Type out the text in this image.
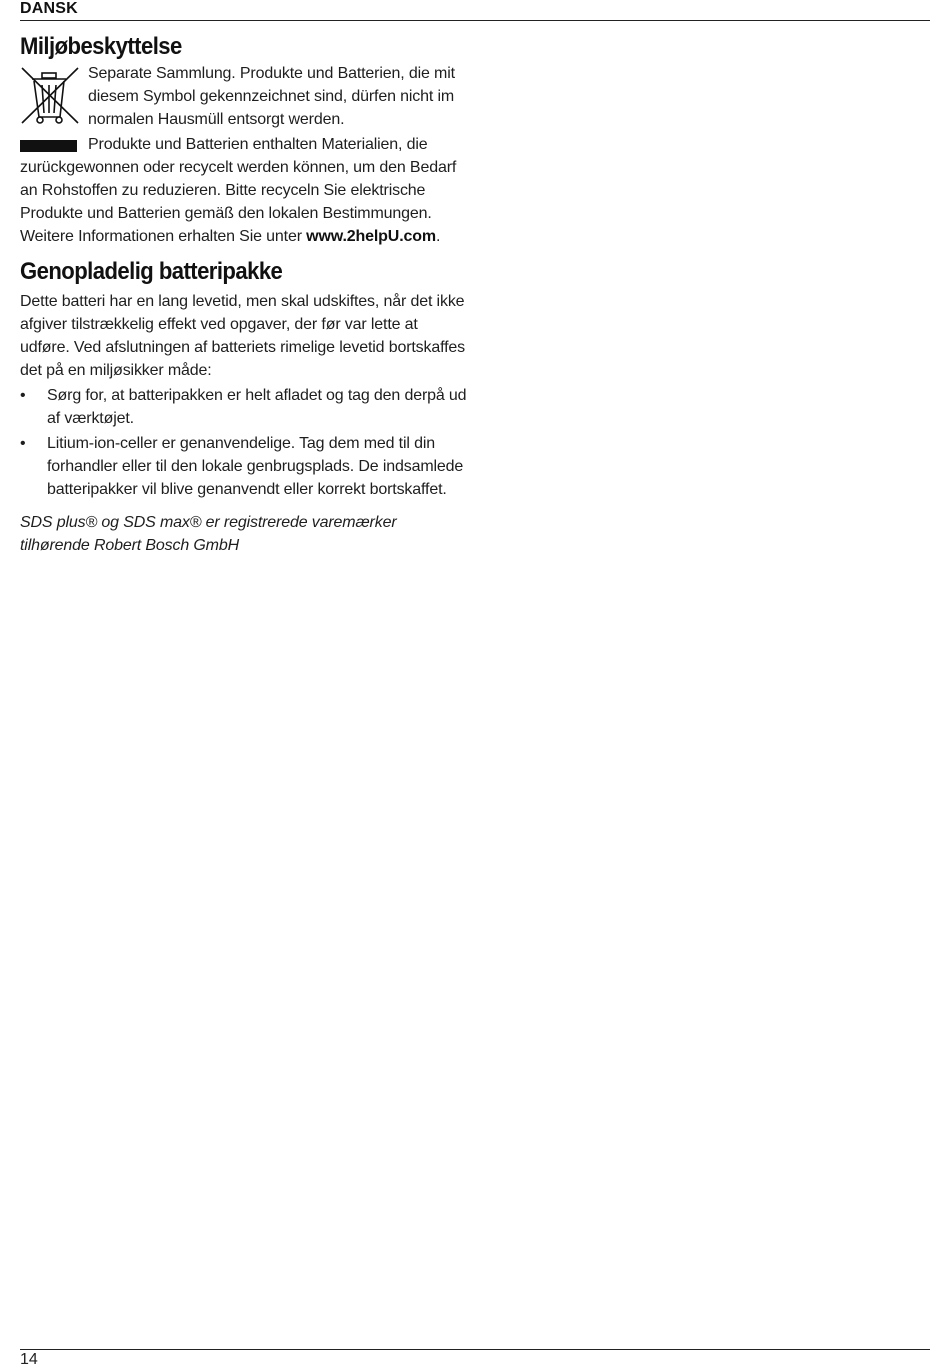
DANSK
Miljøbeskyttelse
Separate Sammlung. Produkte und Batterien, die mit diesem Symbol gekennzeichnet sind, dürfen nicht im normalen Hausmüll entsorgt werden.
Produkte und Batterien enthalten Materialien, die
zurückgewonnen oder recycelt werden können, um den Bedarf an Rohstoffen zu reduzieren. Bitte recyceln Sie elektrische Produkte und Batterien gemäß den lokalen Bestimmungen. Weitere Informationen erhalten Sie unter www.2helpU.com.
Genopladelig batteripakke
Dette batteri har en lang levetid, men skal udskiftes, når det ikke afgiver tilstrækkelig effekt ved opgaver, der før var lette at udføre. Ved afslutningen af batteriets rimelige levetid bortskaffes det på en miljøsikker måde:
• Sørg for, at batteripakken er helt afladet og tag den derpå ud af værktøjet.
• Litium-ion-celler er genanvendelige. Tag dem med til din forhandler eller til den lokale genbrugsplads. De indsamlede batteripakker vil blive genanvendt eller korrekt bortskaffet.
SDS plus® og SDS max® er registrerede varemærker tilhørende Robert Bosch GmbH
14
